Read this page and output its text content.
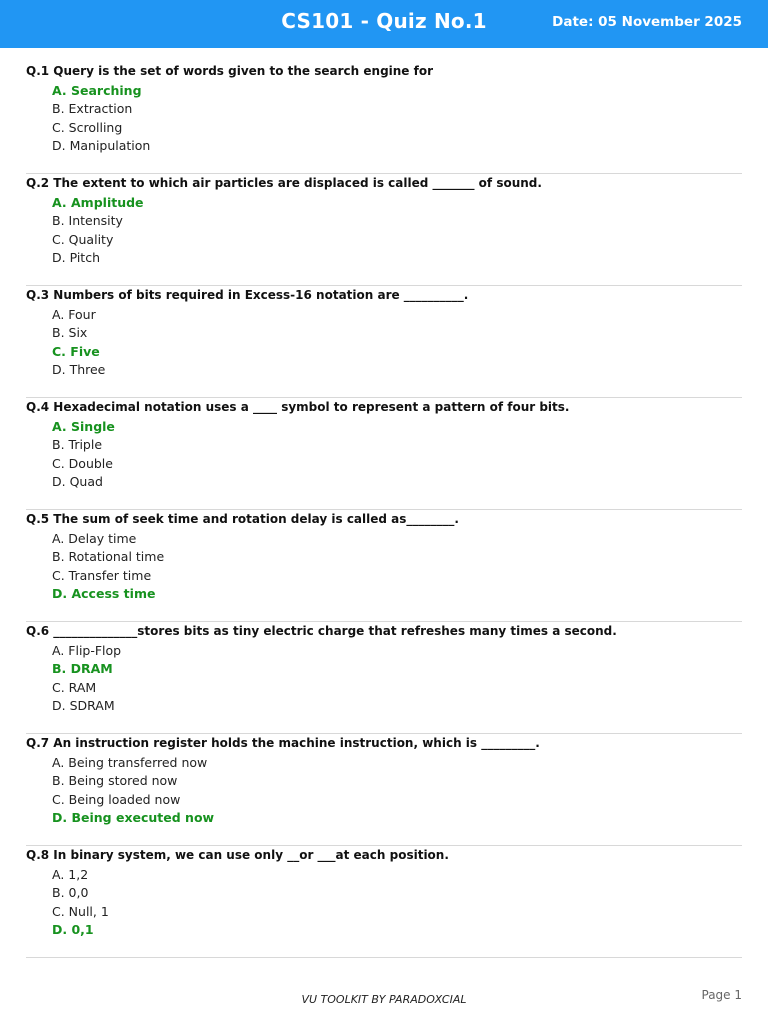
CS101 - Quiz No.1	Date: 05 November 2025
Q.1 Query is the set of words given to the search engine for
A. Searching
B. Extraction
C. Scrolling
D. Manipulation
Q.2 The extent to which air particles are displaced is called _______ of sound.
A. Amplitude
B. Intensity
C. Quality
D. Pitch
Q.3 Numbers of bits required in Excess-16 notation are __________.
A. Four
B. Six
C. Five
D. Three
Q.4 Hexadecimal notation uses a ____ symbol to represent a pattern of four bits.
A. Single
B. Triple
C. Double
D. Quad
Q.5 The sum of seek time and rotation delay is called as________.
A. Delay time
B. Rotational time
C. Transfer time
D. Access time
Q.6 ______________stores bits as tiny electric charge that refreshes many times a second.
A. Flip-Flop
B. DRAM
C. RAM
D. SDRAM
Q.7 An instruction register holds the machine instruction, which is _________.
A. Being transferred now
B. Being stored now
C. Being loaded now
D. Being executed now
Q.8 In binary system, we can use only __or ___at each position.
A. 1,2
B. 0,0
C. Null, 1
D. 0,1
VU TOOLKIT BY PARADOXCIAL	Page 1
